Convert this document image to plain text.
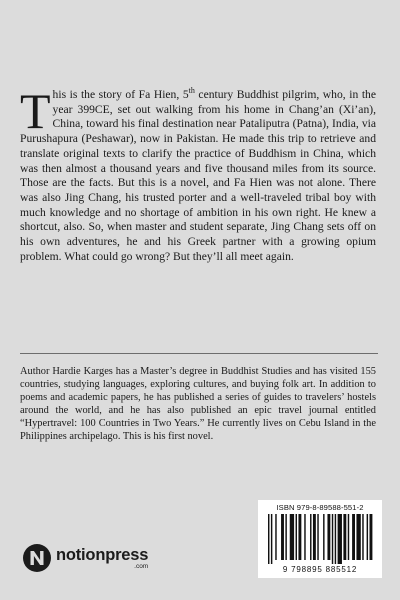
This is the story of Fa Hien, 5th century Buddhist pilgrim, who, in the year 399CE, set out walking from his home in Chang’an (Xi’an), China, toward his final destination near Pataliputra (Patna), India, via Purushapura (Peshawar), now in Pakistan. He made this trip to retrieve and translate original texts to clarify the practice of Buddhism in China, which was then almost a thousand years and five thousand miles from its source. Those are the facts. But this is a novel, and Fa Hien was not alone. There was also Jing Chang, his trusted porter and a well-traveled tribal boy with much knowledge and no shortage of ambition in his own right. He knew a shortcut, also. So, when master and student separate, Jing Chang sets off on his own adventures, he and his Greek partner with a growing opium problem. What could go wrong? But they’ll all meet again.

Author Hardie Karges has a Master’s degree in Buddhist Studies and has visited 155 countries, studying languages, exploring cultures, and buying folk art. In addition to poems and academic papers, he has published a series of guides to travelers’ hostels around the world, and he has also published an epic travel journal entitled “Hypertravel: 100 Countries in Two Years.” He currently lives on Cebu Island in the Philippines archipelago. This is his first novel.

notionpress
.com
ISBN 979-8-89588-551-2
9 798895 885512
